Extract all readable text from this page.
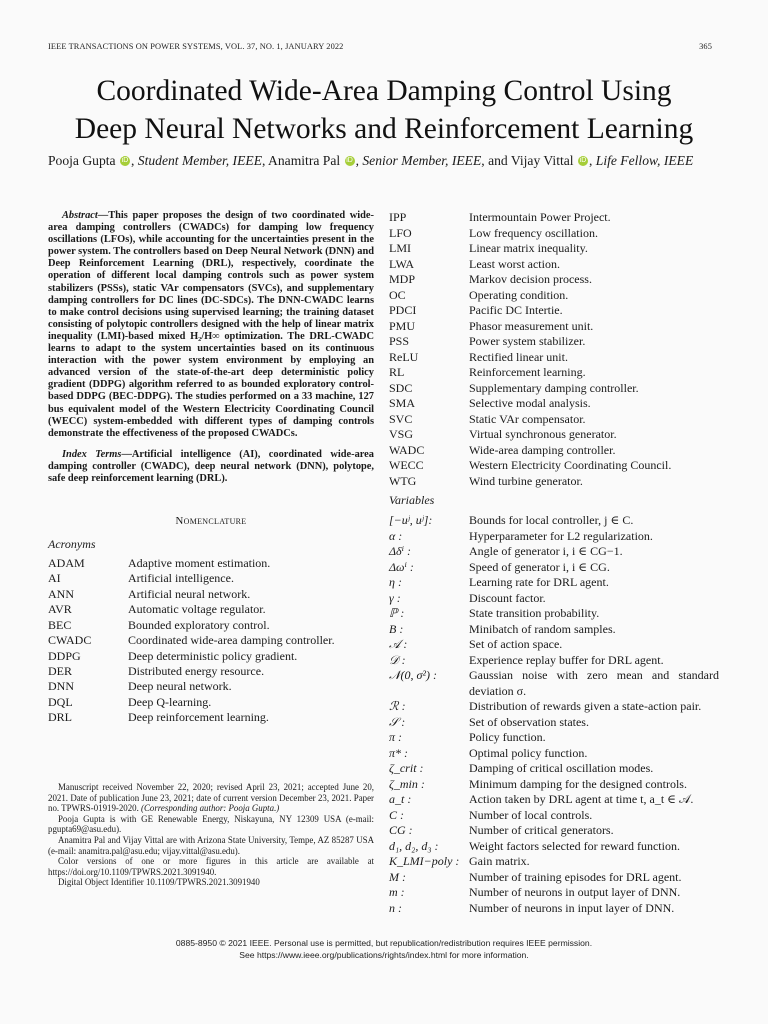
IEEE TRANSACTIONS ON POWER SYSTEMS, VOL. 37, NO. 1, JANUARY 2022	365
Coordinated Wide-Area Damping Control Using
Deep Neural Networks and Reinforcement Learning
Pooja Gupta iD , Student Member, IEEE, Anamitra Pal iD , Senior Member, IEEE, and Vijay Vittal iD , Life Fellow, IEEE
Abstract—This paper proposes the design of two coordinated wide-area damping controllers (CWADCs) for damping low frequency oscillations (LFOs), while accounting for the uncertainties present in the power system. The controllers based on Deep Neural Network (DNN) and Deep Reinforcement Learning (DRL), respectively, coordinate the operation of different local damping controls such as power system stabilizers (PSSs), static VAr compensators (SVCs), and supplementary damping controllers for DC lines (DC-SDCs). The DNN-CWADC learns to make control decisions using supervised learning; the training dataset consisting of polytopic controllers designed with the help of linear matrix inequality (LMI)-based mixed H₂/H∞ optimization. The DRL-CWADC learns to adapt to the system uncertainties based on its continuous interaction with the power system environment by employing an advanced version of the state-of-the-art deep deterministic policy gradient (DDPG) algorithm referred to as bounded exploratory control-based DDPG (BEC-DDPG). The studies performed on a 33 machine, 127 bus equivalent model of the Western Electricity Coordinating Council (WECC) system-embedded with different types of damping controls demonstrate the effectiveness of the proposed CWADCs.
Index Terms—Artificial intelligence (AI), coordinated wide-area damping controller (CWADC), deep neural network (DNN), polytope, safe deep reinforcement learning (DRL).
Nomenclature
Acronyms
ADAM	Adaptive moment estimation.
AI	Artificial intelligence.
ANN	Artificial neural network.
AVR	Automatic voltage regulator.
BEC	Bounded exploratory control.
CWADC	Coordinated wide-area damping controller.
DDPG	Deep deterministic policy gradient.
DER	Distributed energy resource.
DNN	Deep neural network.
DQL	Deep Q-learning.
DRL	Deep reinforcement learning.

Manuscript received November 22, 2020; revised April 23, 2021; accepted June 20, 2021. Date of publication June 23, 2021; date of current version December 23, 2021. Paper no. TPWRS-01919-2020. (Corresponding author: Pooja Gupta.)

Pooja Gupta is with GE Renewable Energy, Niskayuna, NY 12309 USA (e-mail: pgupta69@asu.edu).

Anamitra Pal and Vijay Vittal are with Arizona State University, Tempe, AZ 85287 USA (e-mail: anamitra.pal@asu.edu; vijay.vittal@asu.edu).

Color versions of one or more figures in this article are available at https://doi.org/10.1109/TPWRS.2021.3091940.

Digital Object Identifier 10.1109/TPWRS.2021.3091940

IPP	Intermountain Power Project.
LFO	Low frequency oscillation.
LMI	Linear matrix inequality.
LWA	Least worst action.
MDP	Markov decision process.
OC	Operating condition.
PDCI	Pacific DC Intertie.
PMU	Phasor measurement unit.
PSS	Power system stabilizer.
ReLU	Rectified linear unit.
RL	Reinforcement learning.
SDC	Supplementary damping controller.
SMA	Selective modal analysis.
SVC	Static VAr compensator.
VSG	Virtual synchronous generator.
WADC	Wide-area damping controller.
WECC	Western Electricity Coordinating Council.
WTG	Wind turbine generator.
Variables
[−uʲ, uʲ]:	Bounds for local controller, j ∈ C.
α :	Hyperparameter for L2 regularization.
Δδⁱ :	Angle of generator i, i ∈ CG−1.
Δωⁱ :	Speed of generator i, i ∈ CG.
η :	Learning rate for DRL agent.
γ :	Discount factor.
ℙ :	State transition probability.
B :	Minibatch of random samples.
𝒜 :	Set of action space.
𝒟 :	Experience replay buffer for DRL agent.
𝒩(0, σ²) :	Gaussian noise with zero mean and standard deviation σ.
ℛ :	Distribution of rewards given a state-action pair.
𝒮 :	Set of observation states.
π :	Policy function.
π* :	Optimal policy function.
ζ_crit :	Damping of critical oscillation modes.
ζ_min :	Minimum damping for the designed controls.
a_t :	Action taken by DRL agent at time t, a_t ∈ 𝒜.
C :	Number of local controls.
CG :	Number of critical generators.
d₁, d₂, d₃ :	Weight factors selected for reward function.
K_LMI−poly : Gain matrix.
M :	Number of training episodes for DRL agent.
m :	Number of neurons in output layer of DNN.
n :	Number of neurons in input layer of DNN.
0885-8950 © 2021 IEEE. Personal use is permitted, but republication/redistribution requires IEEE permission.
See https://www.ieee.org/publications/rights/index.html for more information.
